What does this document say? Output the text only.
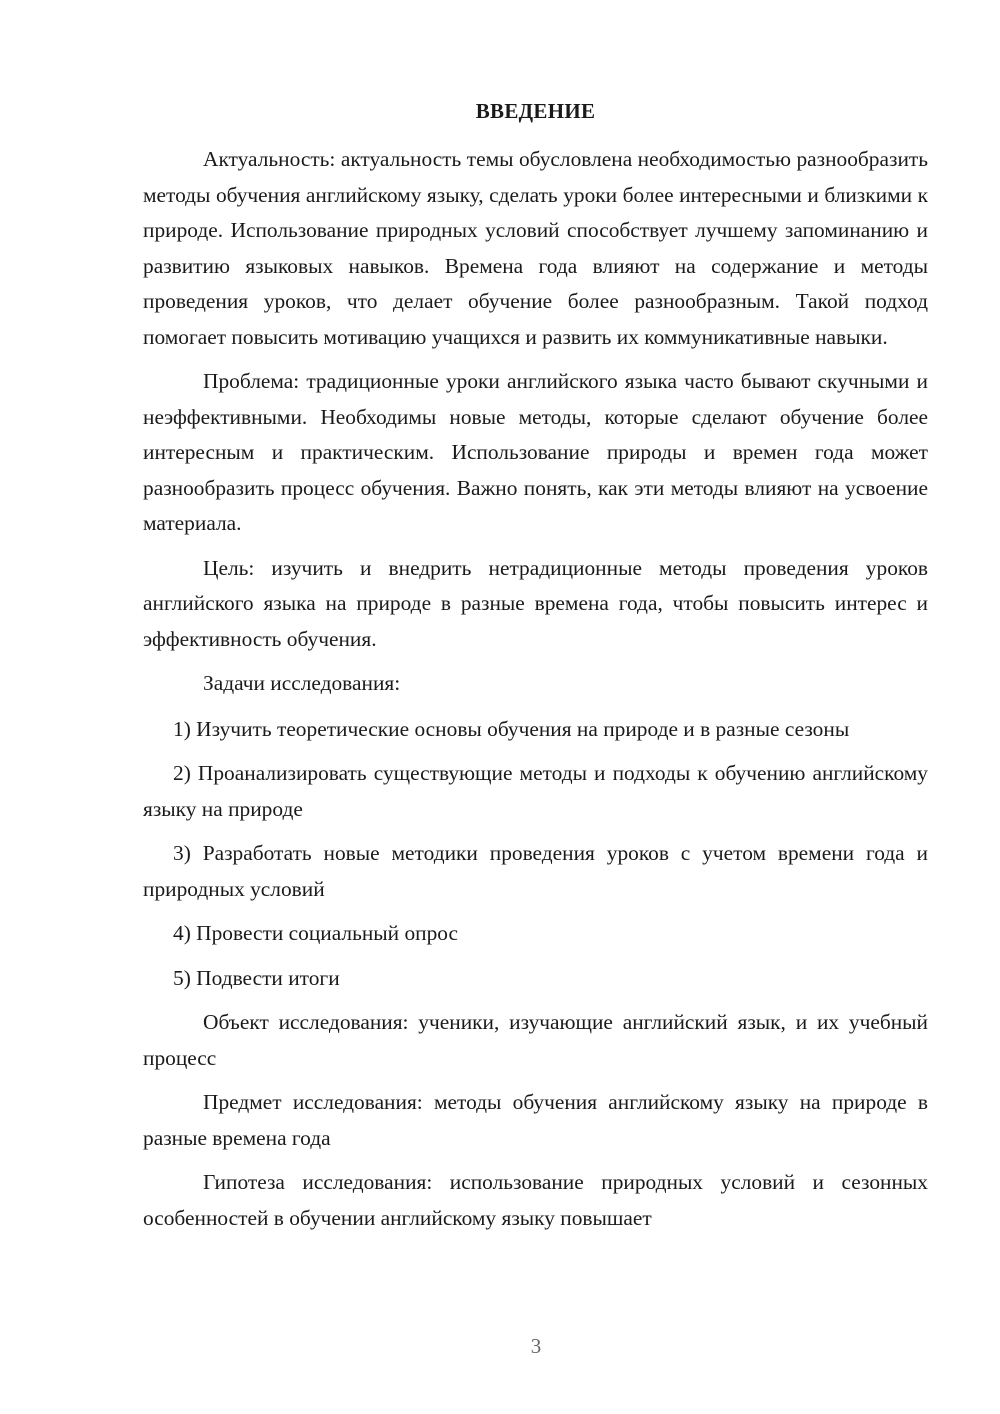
ВВЕДЕНИЕ

Актуальность: актуальность темы обусловлена необходимостью разнообразить методы обучения английскому языку, сделать уроки более интересными и близкими к природе. Использование природных условий способствует лучшему запоминанию и развитию языковых навыков. Времена года влияют на содержание и методы проведения уроков, что делает обучение более разнообразным. Такой подход помогает повысить мотивацию учащихся и развить их коммуникативные навыки.

Проблема: традиционные уроки английского языка часто бывают скучными и неэффективными. Необходимы новые методы, которые сделают обучение более интересным и практическим. Использование природы и времен года может разнообразить процесс обучения. Важно понять, как эти методы влияют на усвоение материала.

Цель: изучить и внедрить нетрадиционные методы проведения уроков английского языка на природе в разные времена года, чтобы повысить интерес и эффективность обучения.

Задачи исследования:

1) Изучить теоретические основы обучения на природе и в разные сезоны

2) Проанализировать существующие методы и подходы к обучению английскому языку на природе

3) Разработать новые методики проведения уроков с учетом времени года и природных условий

4) Провести социальный опрос

5) Подвести итоги

Объект исследования: ученики, изучающие английский язык, и их учебный процесс

Предмет исследования: методы обучения английскому языку на природе в разные времена года

Гипотеза исследования: использование природных условий и сезонных особенностей в обучении английскому языку повышает

3
